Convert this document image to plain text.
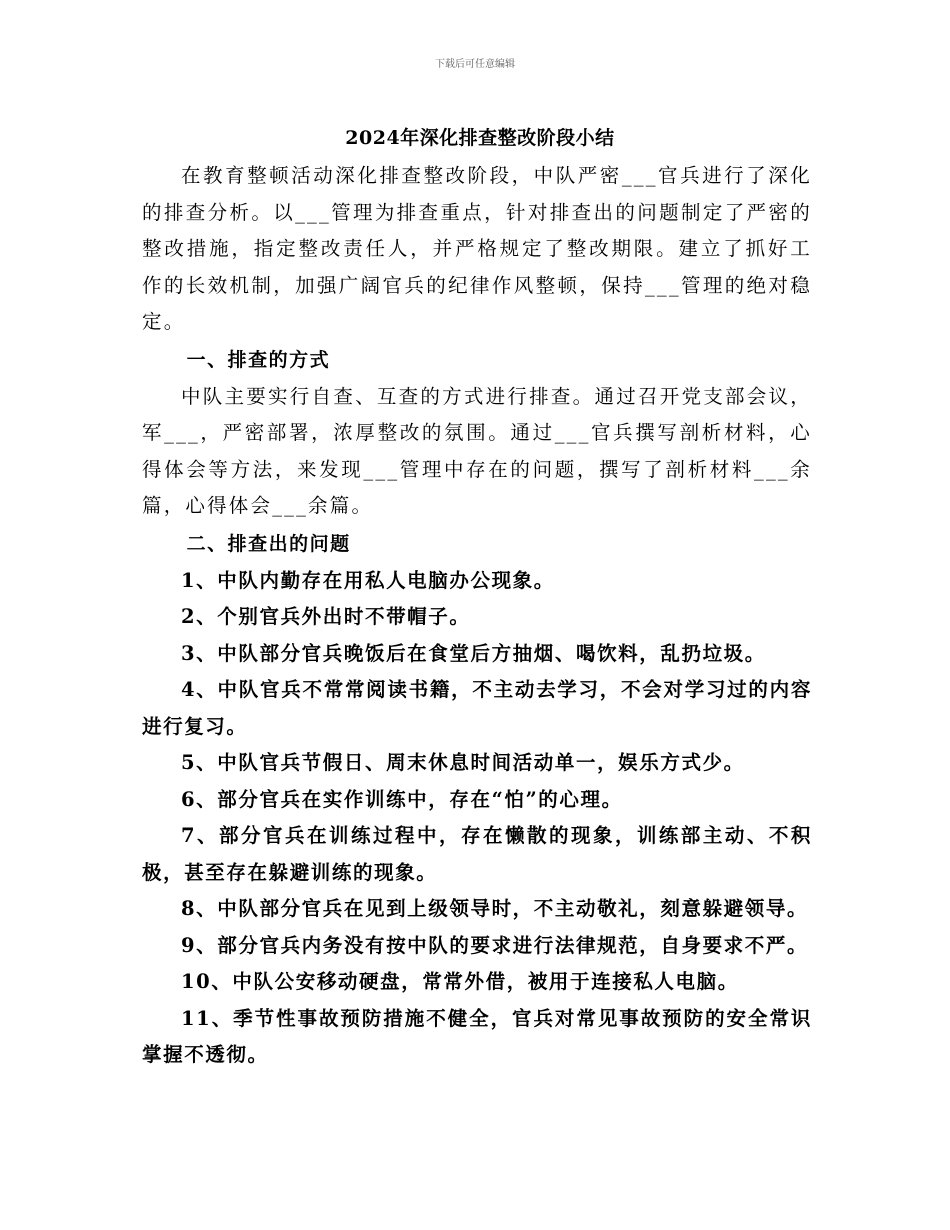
下载后可任意编辑
2024年深化排查整改阶段小结

在教育整顿活动深化排查整改阶段，中队严密___官兵进行了深化的排查分析。以___管理为排查重点，针对排查出的问题制定了严密的整改措施，指定整改责任人，并严格规定了整改期限。建立了抓好工作的长效机制，加强广阔官兵的纪律作风整顿，保持___管理的绝对稳定。

一、排查的方式

中队主要实行自查、互查的方式进行排查。通过召开党支部会议，军___，严密部署，浓厚整改的氛围。通过___官兵撰写剖析材料，心得体会等方法，来发现___管理中存在的问题，撰写了剖析材料___余篇，心得体会___余篇。

二、排查出的问题

1、中队内勤存在用私人电脑办公现象。

2、个别官兵外出时不带帽子。

3、中队部分官兵晚饭后在食堂后方抽烟、喝饮料，乱扔垃圾。

4、中队官兵不常常阅读书籍，不主动去学习，不会对学习过的内容进行复习。

5、中队官兵节假日、周末休息时间活动单一，娱乐方式少。

6、部分官兵在实作训练中，存在“怕”的心理。

7、部分官兵在训练过程中，存在懒散的现象，训练部主动、不积极，甚至存在躲避训练的现象。

8、中队部分官兵在见到上级领导时，不主动敬礼，刻意躲避领导。

9、部分官兵内务没有按中队的要求进行法律规范，自身要求不严。

10、中队公安移动硬盘，常常外借，被用于连接私人电脑。

11、季节性事故预防措施不健全，官兵对常见事故预防的安全常识掌握不透彻。
